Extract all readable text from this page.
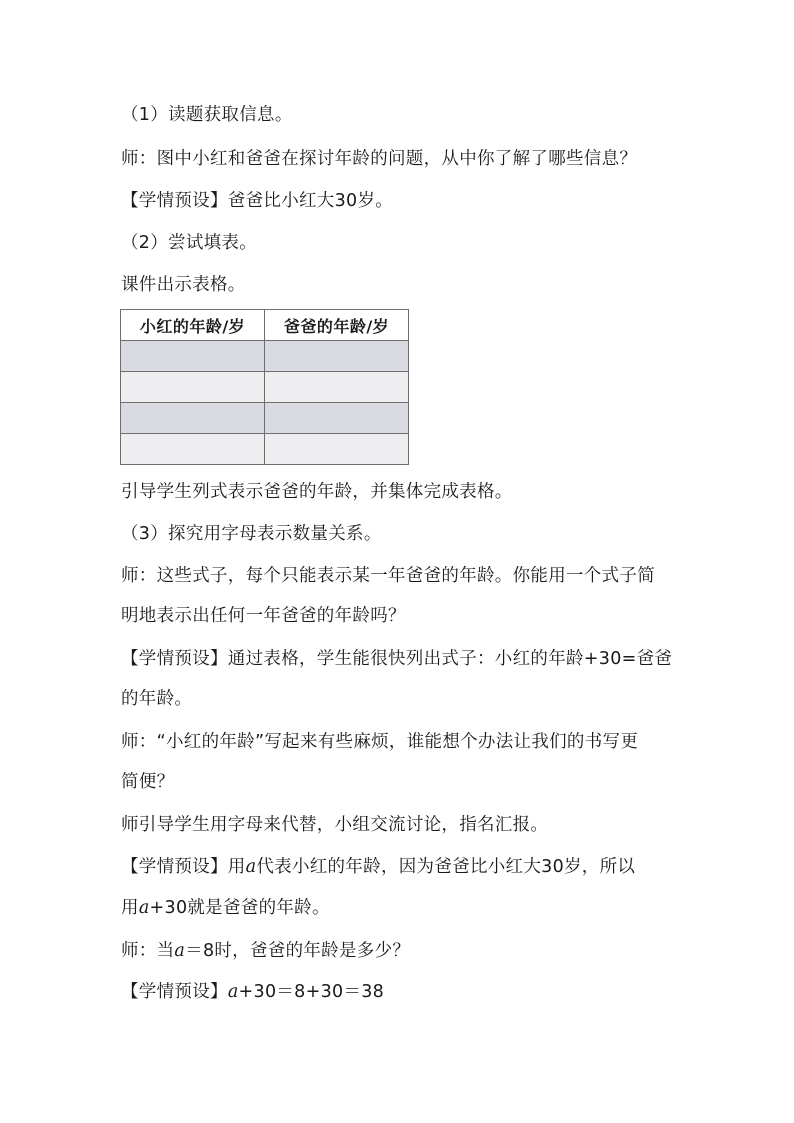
（1）读题获取信息。
师：图中小红和爸爸在探讨年龄的问题，从中你了解了哪些信息？
【学情预设】爸爸比小红大30岁。
（2）尝试填表。
课件出示表格。
小红的年龄/岁	爸爸的年龄/岁

引导学生列式表示爸爸的年龄，并集体完成表格。
（3）探究用字母表示数量关系。
师：这些式子，每个只能表示某一年爸爸的年龄。你能用一个式子简
明地表示出任何一年爸爸的年龄吗？
【学情预设】通过表格，学生能很快列出式子：小红的年龄+30=爸爸
的年龄。
师：“小红的年龄”写起来有些麻烦，谁能想个办法让我们的书写更
简便？
师引导学生用字母来代替，小组交流讨论，指名汇报。
【学情预设】用a代表小红的年龄，因为爸爸比小红大30岁，所以
用a+30就是爸爸的年龄。
师：当a＝8时，爸爸的年龄是多少？
【学情预设】a+30＝8+30＝38
